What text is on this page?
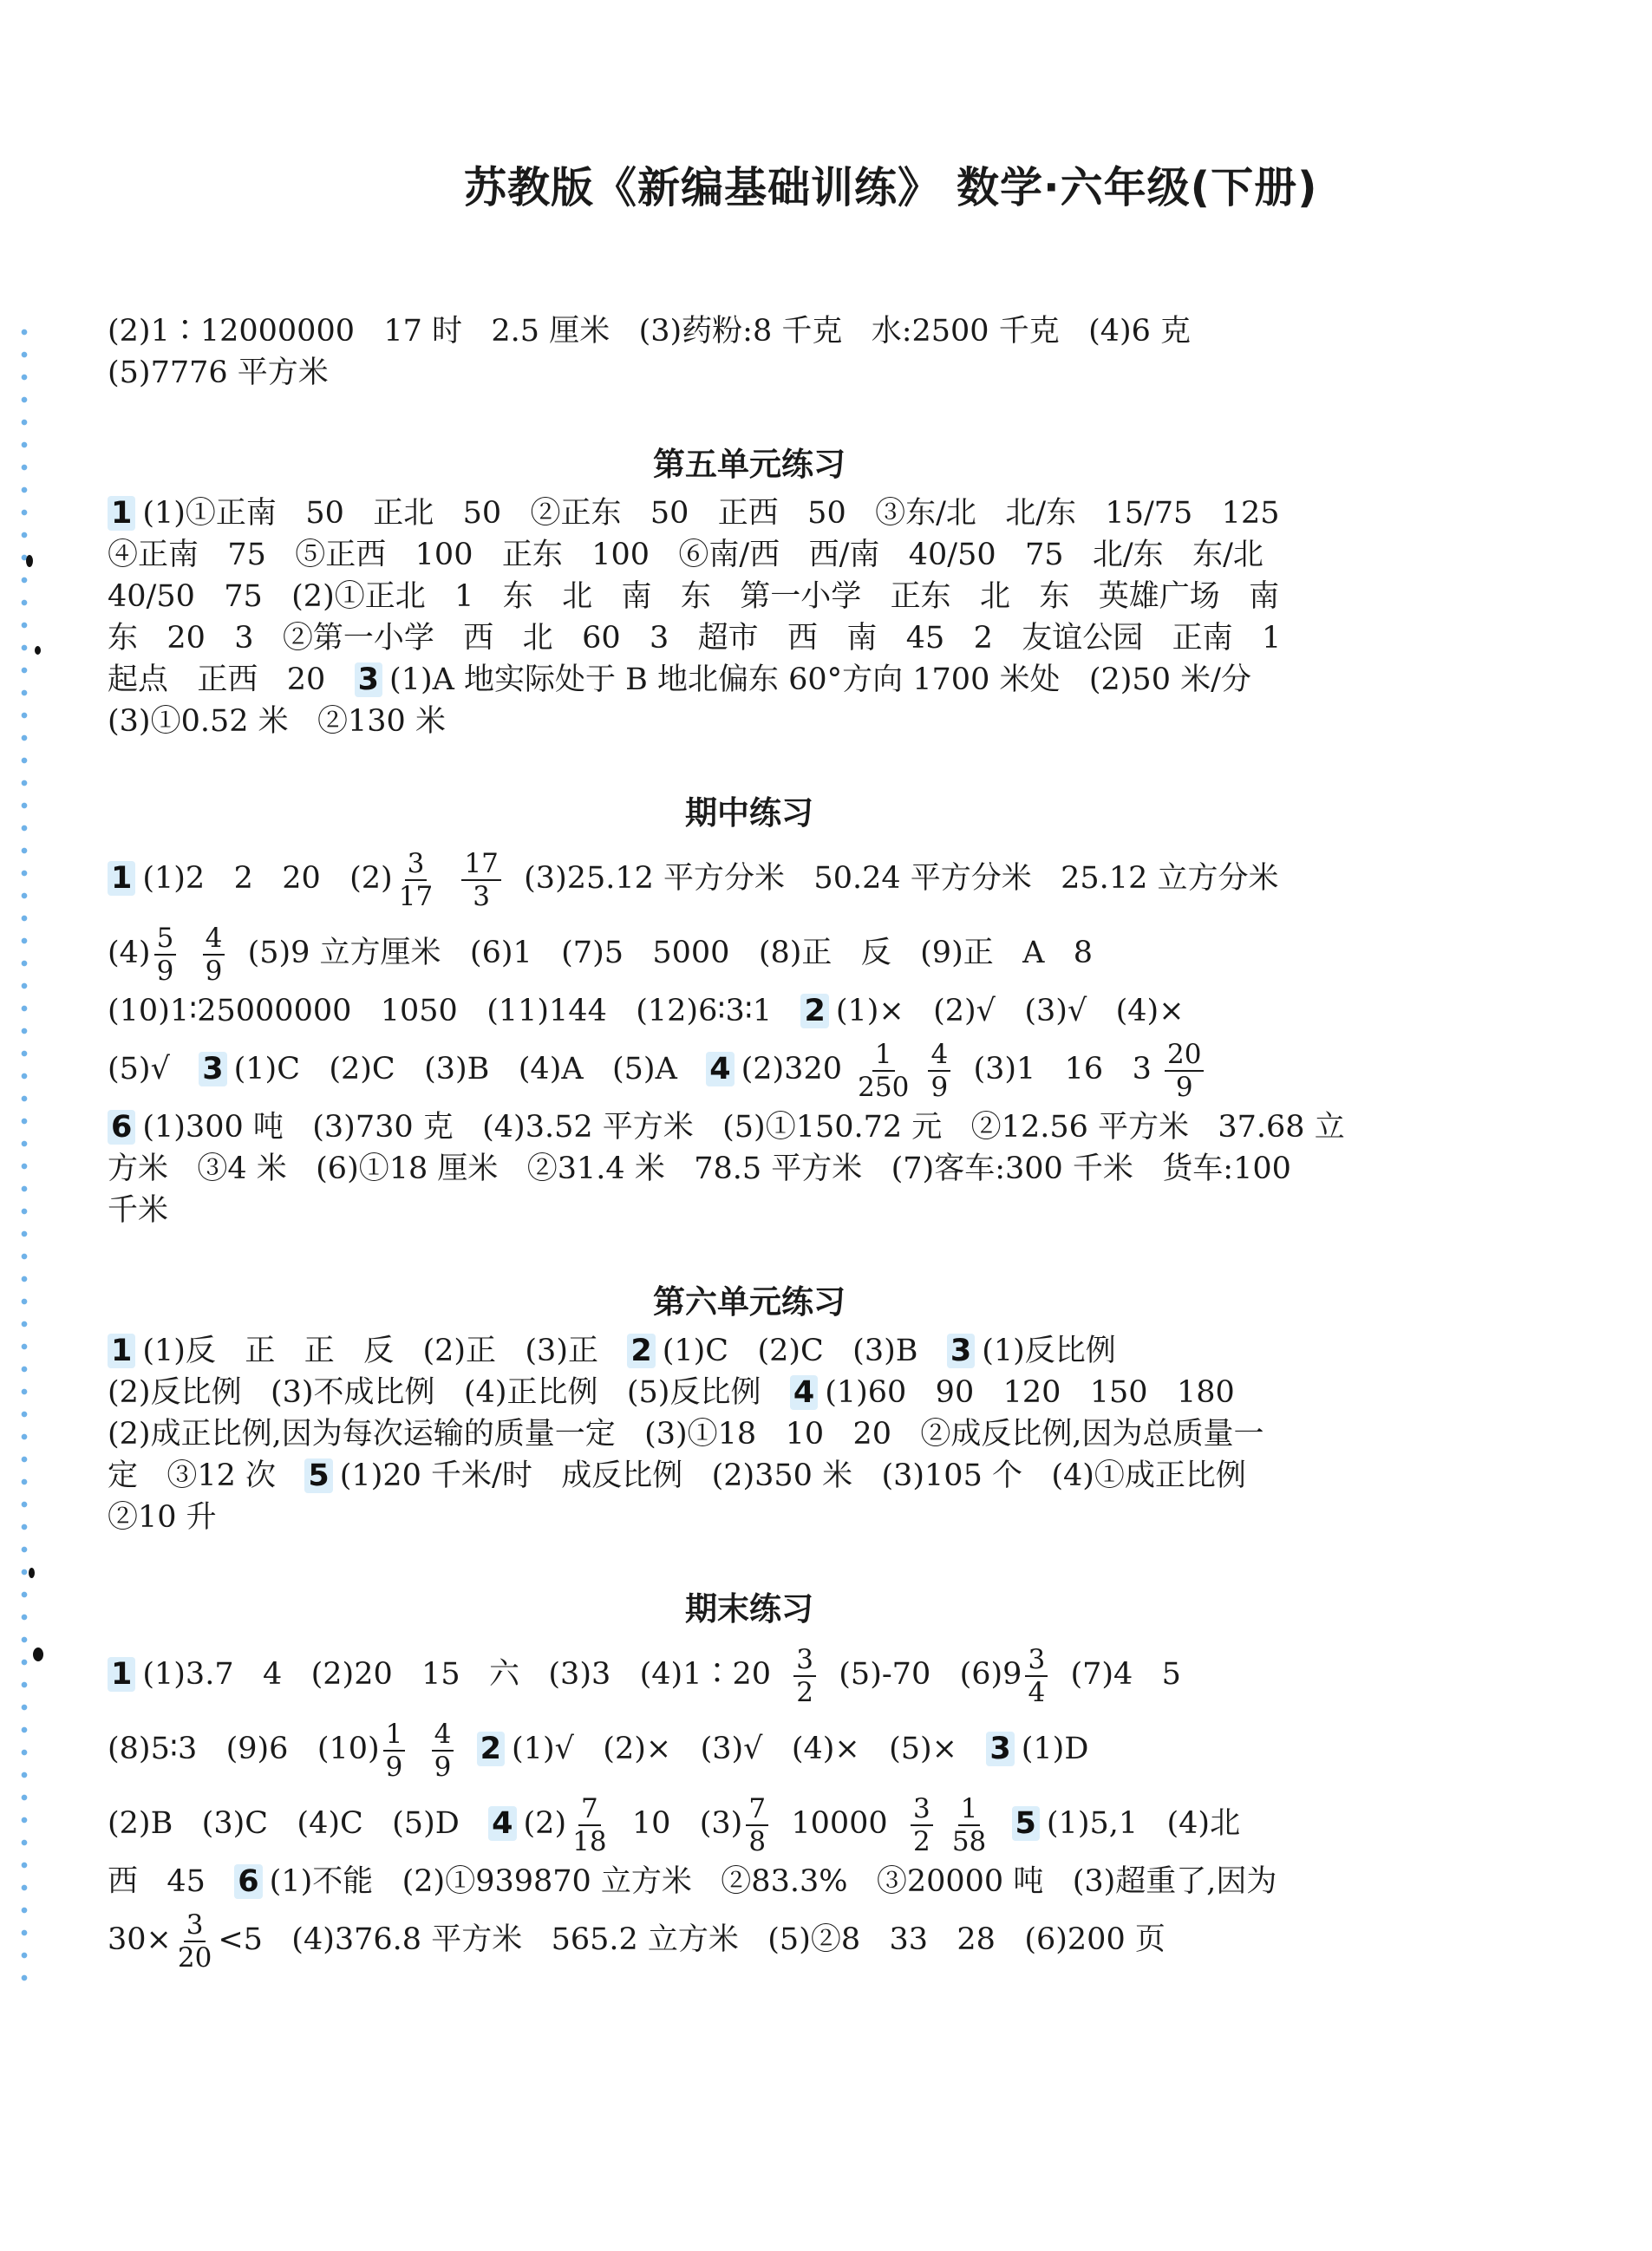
苏教版《新编基础训练》 数学·六年级(下册)
(2)1∶12000000   17 时   2.5 厘米   (3)药粉:8 千克   水:2500 千克   (4)6 克
(5)7776 平方米
第五单元练习
1 (1)①正南   50   正北   50   ②正东   50   正西   50   ③东/北   北/东   15/75   125
④正南   75   ⑤正西   100   正东   100   ⑥南/西   西/南   40/50   75   北/东   东/北
40/50   75   (2)①正北   1   东   北   南   东   第一小学   正东   北   东   英雄广场   南
东   20   3   ②第一小学   西   北   60   3   超市   西   南   45   2   友谊公园   正南   1
起点   正西   20   3 (1)A 地实际处于 B 地北偏东 60°方向 1700 米处   (2)50 米/分
(3)①0.52 米   ②130 米
期中练习
1 (1)2   2   20   $(2) \frac{3}{17}$
$\frac{17}{3} (3)25.12$ 平方分米   50.24 平方分米   25.12 立方分米
$(4) \frac{5}{9}$
$\frac{4}{9} (5)9$ 立方厘米   (6)1   (7)5   5000   (8)正   反   (9)正   A   8
(10)1∶25000000   1050   (11)144   (12)6∶3∶1   2 (1)×   (2)√   (3)√   (4)×
(5)√   3 (1)C   (2)C   (3)B   (4)A   (5)A   4 $(2)320 \frac{1}{250}$
$\frac{4}{9} (3)1$   16   $3 \frac{20}{9}$
6 (1)300 吨   (3)730 克   (4)3.52 平方米   (5)①150.72 元   ②12.56 平方米   37.68 立
方米   ③4 米   (6)①18 厘米   ②31.4 米   78.5 平方米   (7)客车:300 千米   货车:100
千米
第六单元练习
1 (1)反   正   正   反   (2)正   (3)正   2 (1)C   (2)C   (3)B   3 (1)反比例
(2)反比例   (3)不成比例   (4)正比例   (5)反比例   4 (1)60   90   120   150   180
(2)成正比例,因为每次运输的质量一定   (3)①18   10   20   ②成反比例,因为总质量一
定   ③12 次   5 (1)20 千米/时   成反比例   (2)350 米   (3)105 个   (4)①成正比例
②10 升
期末练习
1 (1)3.7   4   (2)20   15   六   (3)3   (4)1∶20 $\frac{3}{2} (5)-70$   $(6)9 \frac{3}{4} (7)4$   5
(8)5∶3   (9)6   $(10) \frac{1}{9}$
$\frac{4}{9} 2$ (1)√   (2)×   (3)√   (4)×   (5)×   3 (1)D
(2)B   (3)C   (4)C   (5)D   4 $(2) \frac{7}{18} 10$   $(3) \frac{7}{8} 10000 \frac{3}{2}$
$\frac{1}{58} 5$ (1)5,1   (4)北
西   45   6 (1)不能   (2)①939870 立方米   ②83.3%   ③20000 吨   (3)超重了,因为
$30\times \frac{3}{20} <5$   (4)376.8 平方米   565.2 立方米   (5)②8   33   28   (6)200 页
